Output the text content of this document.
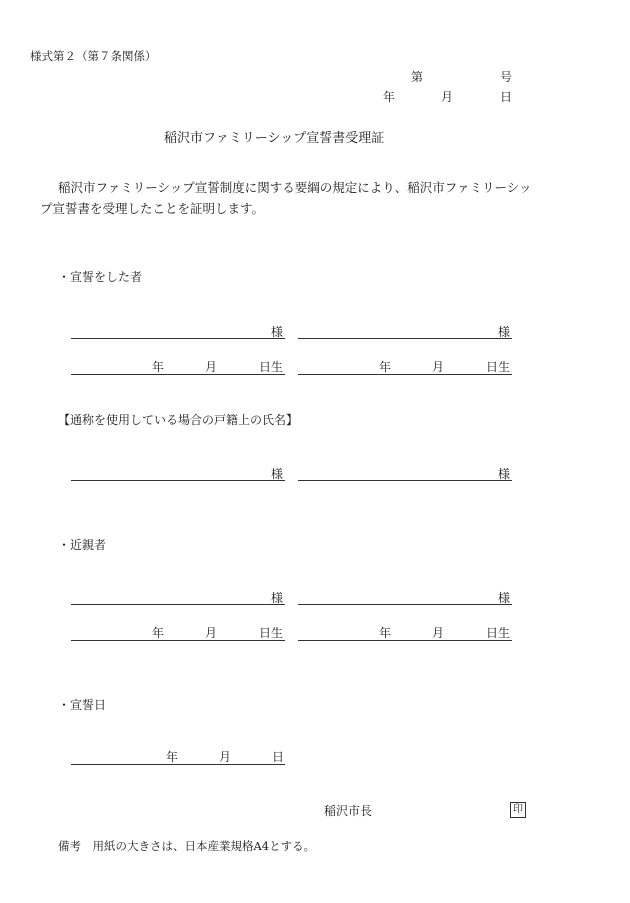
様式第２（第７条関係）
第	号
年	月	日
稲沢市ファミリーシップ宣誓書受理証
稲沢市ファミリーシップ宣誓制度に関する要綱の規定により、稲沢市ファミリーシップ宣誓書を受理したことを証明します。
・宣誓をした者
様	様
年	月	日生	年	月	日生
【通称を使用している場合の戸籍上の氏名】
様	様
・近親者
様	様
年	月	日生	年	月	日生
・宣誓日
年	月	日
稲沢市長	印
備考　用紙の大きさは、日本産業規格A4とする。
